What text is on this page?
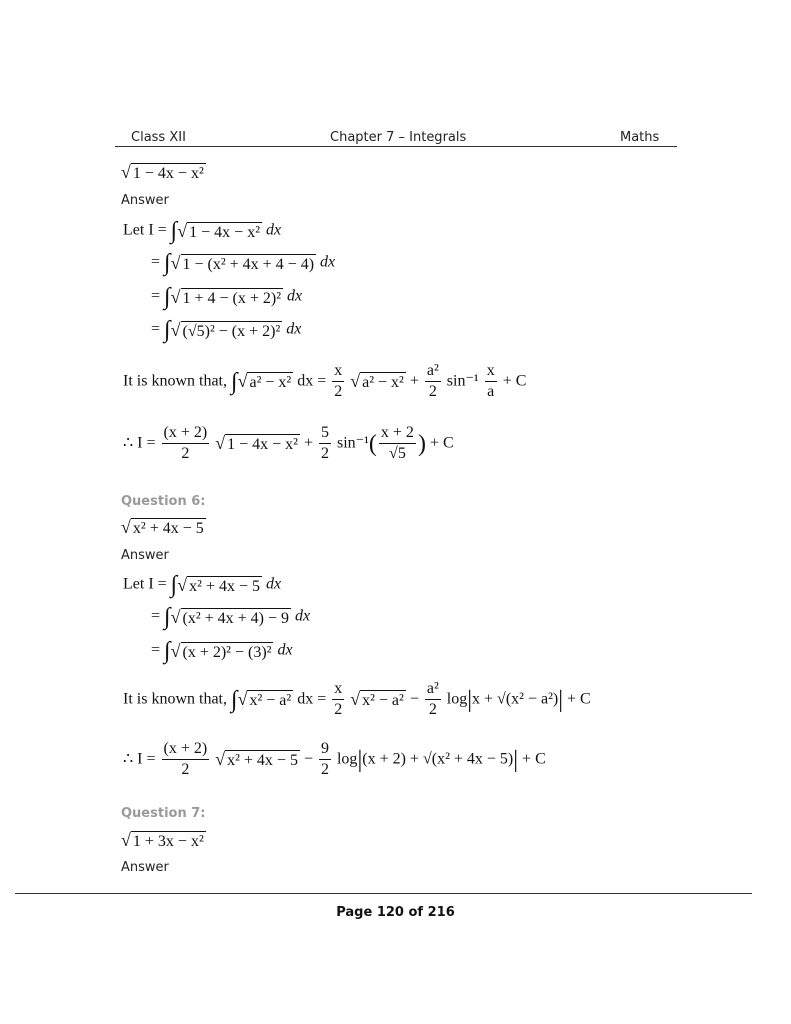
Class XII	Chapter 7 – Integrals	Maths
√ 1 − 4x − x²
Answer
Let I = ∫√ 1 − 4x − x² dx
= ∫√ 1 − (x² + 4x + 4 − 4) dx
= ∫√ 1 + 4 − (x + 2)² dx
= ∫√ (√5)² − (x + 2)² dx
It is known that, ∫√ a² − x² dx = $\frac{x}{2}$ √ $a^2 - x^2 + \frac{\text{a²}}{2} \sin^{-1} \frac{x}{a} + C$
∴ $I = \frac{(x + 2)}{2}$ √ $1 - 4x - x^2 + \frac{5}{2} \sin^{-1}( \frac{x + 2}{√5}$ ) + C
Question 6:
√ x² + 4x − 5
Answer
Let I = ∫√ x² + 4x − 5 dx
= ∫√ (x² + 4x + 4) − 9 dx
= ∫√ (x + 2)² − (3)² dx
It is known that, ∫√ x² − a² dx = $\frac{x}{2}$ √ $x^2 - a^2 - \frac{\text{a²}}{2} \log|x + √(x^2 - a^2)| + C$
∴ $I = \frac{(x + 2)}{2}$ √ $x^2 + 4x - 5 - \frac{9}{2} \log|(x + 2) + √(x^2 + 4x - 5)| + C$
Question 7:
√ 1 + 3x − x²
Answer
Page 120 of 216
